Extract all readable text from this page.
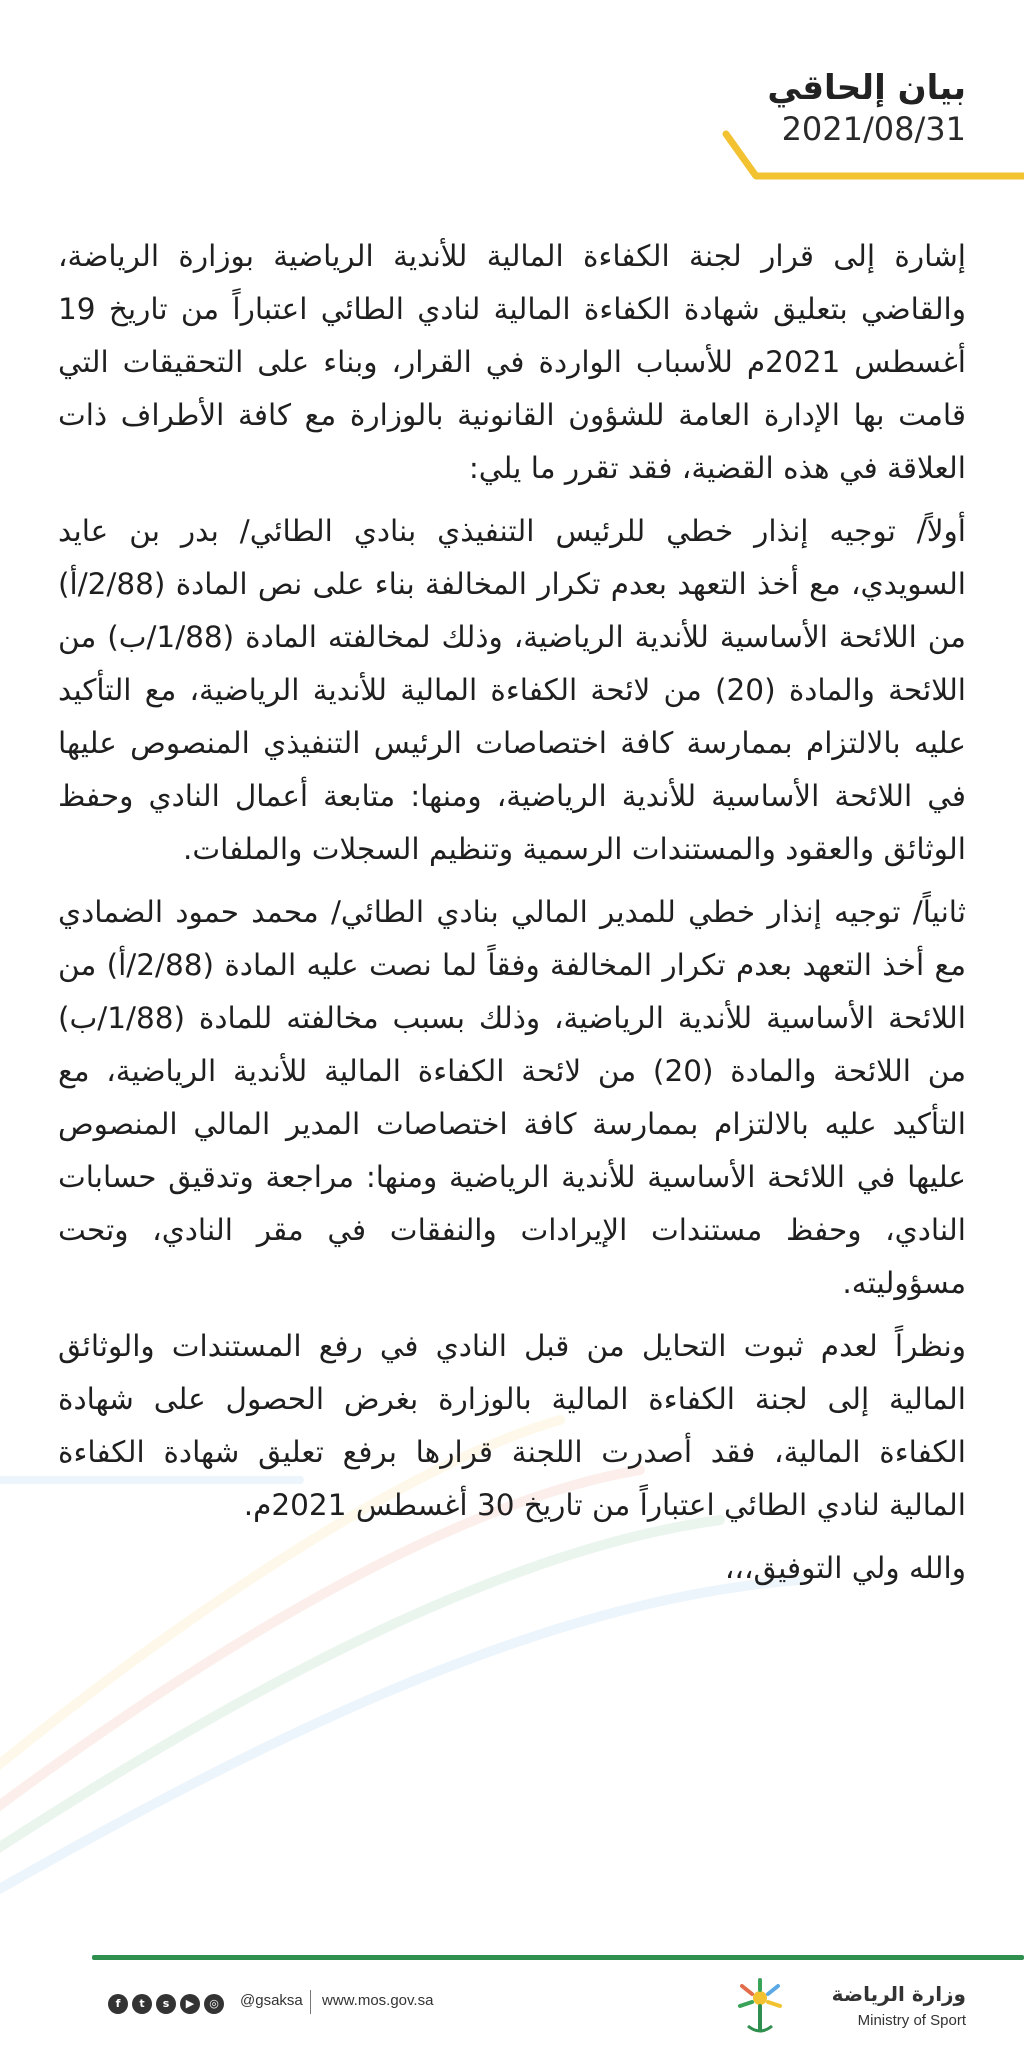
بيان إلحاقي
2021/08/31

إشارة إلى قرار لجنة الكفاءة المالية للأندية الرياضية بوزارة الرياضة، والقاضي بتعليق شهادة الكفاءة المالية لنادي الطائي اعتباراً من تاريخ 19 أغسطس 2021م للأسباب الواردة في القرار، وبناء على التحقيقات التي قامت بها الإدارة العامة للشؤون القانونية بالوزارة مع كافة الأطراف ذات العلاقة في هذه القضية، فقد تقرر ما يلي:

أولاً/ توجيه إنذار خطي للرئيس التنفيذي بنادي الطائي/ بدر بن عايد السويدي، مع أخذ التعهد بعدم تكرار المخالفة بناء على نص المادة (2/88/أ) من اللائحة الأساسية للأندية الرياضية، وذلك لمخالفته المادة (1/88/ب) من اللائحة والمادة (20) من لائحة الكفاءة المالية للأندية الرياضية، مع التأكيد عليه بالالتزام بممارسة كافة اختصاصات الرئيس التنفيذي المنصوص عليها في اللائحة الأساسية للأندية الرياضية، ومنها: متابعة أعمال النادي وحفظ الوثائق والعقود والمستندات الرسمية وتنظيم السجلات والملفات.

ثانياً/ توجيه إنذار خطي للمدير المالي بنادي الطائي/ محمد حمود الضمادي مع أخذ التعهد بعدم تكرار المخالفة وفقاً لما نصت عليه المادة (2/88/أ) من اللائحة الأساسية للأندية الرياضية، وذلك بسبب مخالفته للمادة (1/88/ب) من اللائحة والمادة (20) من لائحة الكفاءة المالية للأندية الرياضية، مع التأكيد عليه بالالتزام بممارسة كافة اختصاصات المدير المالي المنصوص عليها في اللائحة الأساسية للأندية الرياضية ومنها: مراجعة وتدقيق حسابات النادي، وحفظ مستندات الإيرادات والنفقات في مقر النادي، وتحت مسؤوليته.

ونظراً لعدم ثبوت التحايل من قبل النادي في رفع المستندات والوثائق المالية إلى لجنة الكفاءة المالية بالوزارة بغرض الحصول على شهادة الكفاءة المالية، فقد أصدرت اللجنة قرارها برفع تعليق شهادة الكفاءة المالية لنادي الطائي اعتباراً من تاريخ 30 أغسطس 2021م.

والله ولي التوفيق،،،

f	t	s	▶	◎	@gsaksa www.mos.gov.sa	وزارة الرياضة
Ministry of Sport
